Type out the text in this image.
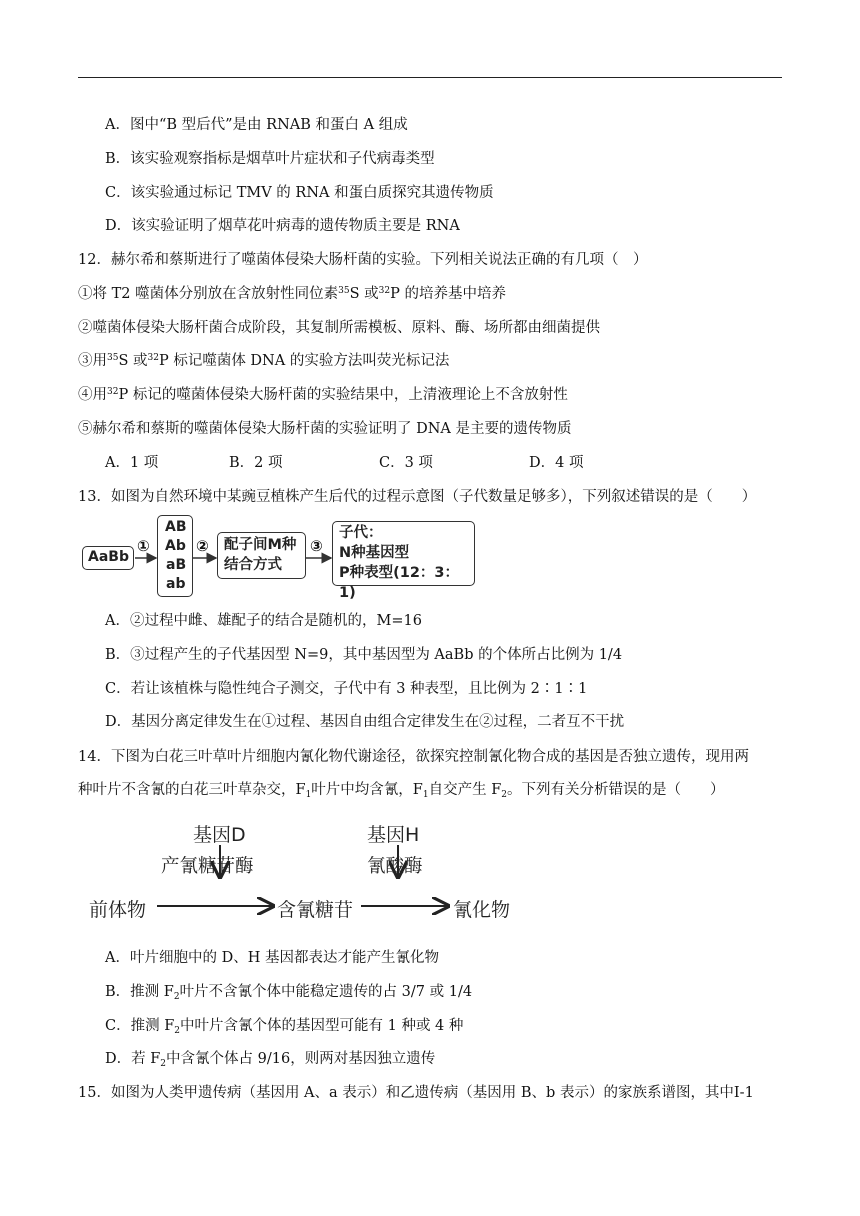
A．图中“B 型后代”是由 RNAB 和蛋白 A 组成
B．该实验观察指标是烟草叶片症状和子代病毒类型
C．该实验通过标记 TMV 的 RNA 和蛋白质探究其遗传物质
D．该实验证明了烟草花叶病毒的遗传物质主要是 RNA
12．赫尔希和蔡斯进行了噬菌体侵染大肠杆菌的实验。下列相关说法正确的有几项（　）
①将 T2 噬菌体分别放在含放射性同位素$^{35}$S 或$^{32}$P 的培养基中培养
②噬菌体侵染大肠杆菌合成阶段，其复制所需模板、原料、酶、场所都由细菌提供
③用$^{35}$S 或$^{32}$P 标记噬菌体 DNA 的实验方法叫荧光标记法
④用$^{32}$P 标记的噬菌体侵染大肠杆菌的实验结果中，上清液理论上不含放射性
⑤赫尔希和蔡斯的噬菌体侵染大肠杆菌的实验证明了 DNA 是主要的遗传物质
A．1 项	B．2 项	C．3 项	D．4 项
13．如图为自然环境中某豌豆植株产生后代的过程示意图（子代数量足够多），下列叙述错误的是（　　）
AaBb
①
AB
Ab
aB
ab
② 配子间M种
结合方式
③
子代：
N种基因型
P种表型(12：3：1)
A．②过程中雌、雄配子的结合是随机的，M=16
B．③过程产生的子代基因型 N=9，其中基因型为 AaBb 的个体所占比例为 1/4
C．若让该植株与隐性纯合子测交，子代中有 3 种表型，且比例为 2∶1∶1
D．基因分离定律发生在①过程、基因自由组合定律发生在②过程，二者互不干扰
14．下图为白花三叶草叶片细胞内氰化物代谢途径，欲探究控制氰化物合成的基因是否独立遗传，现用两
种叶片不含氰的白花三叶草杂交，$F_1$叶片中均含氰，$F_1$自交产生 $F_2$。下列有关分析错误的是（　　）
基因D	基因H
产氰糖苷酶	氰酸酶
前体物	含氰糖苷	氰化物
A．叶片细胞中的 D、H 基因都表达才能产生氰化物
B．推测 $F_2$叶片不含氰个体中能稳定遗传的占 3/7 或 1/4
C．推测 $F_2$中叶片含氰个体的基因型可能有 1 种或 4 种
D．若 $F_2$中含氰个体占 9/16，则两对基因独立遗传
15．如图为人类甲遗传病（基因用 A、a 表示）和乙遗传病（基因用 B、b 表示）的家族系谱图，其中Ⅰ-1
